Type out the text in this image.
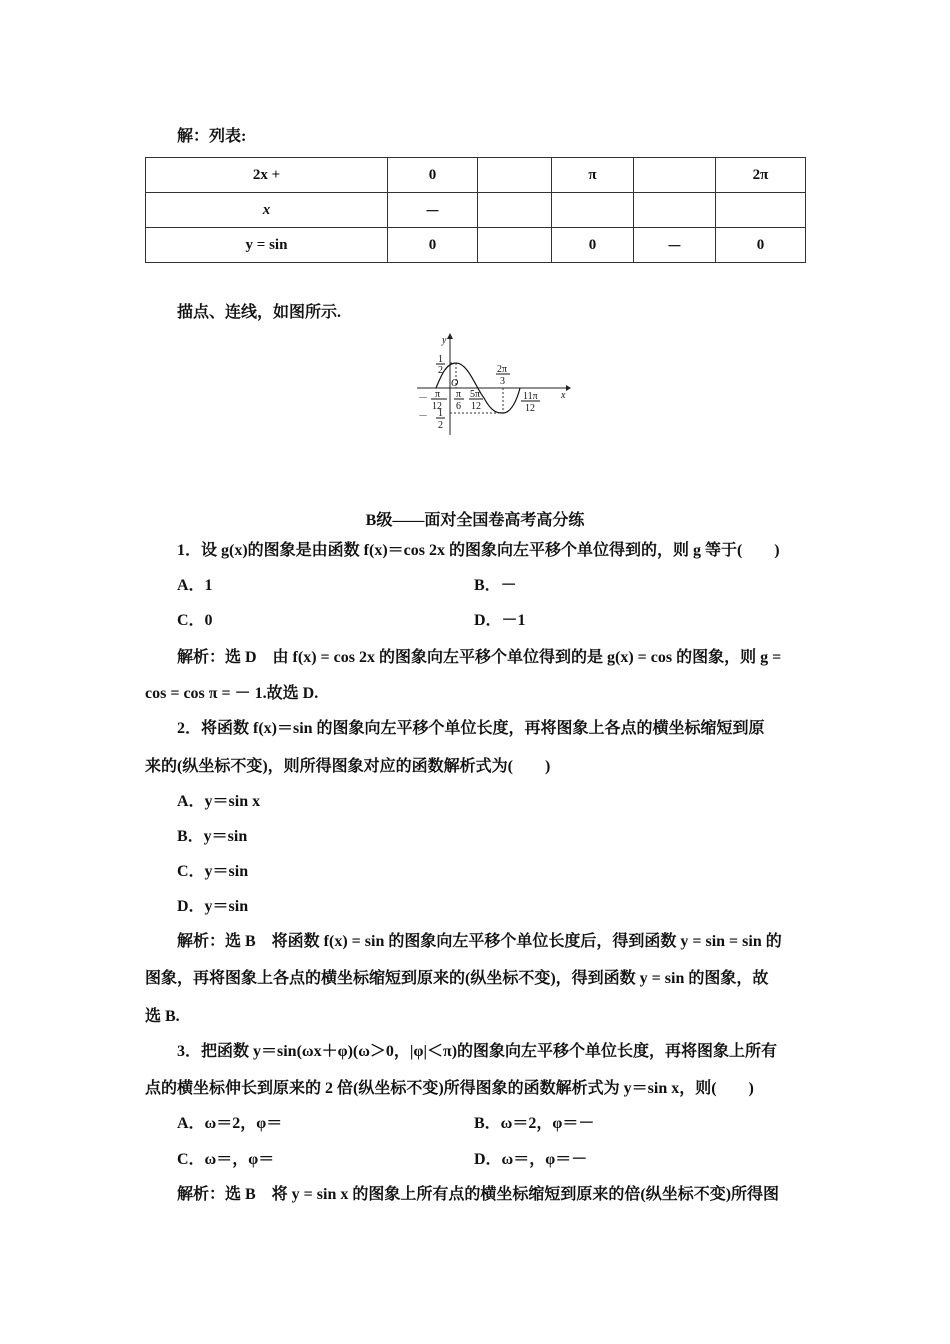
解：列表:
2x +	0		π		2π
x	－				
y = sin	0		0	－	0
描点、连线，如图所示.
y
x
O
1
2
－ 1
2
－ π
12
π
6
5π
12
2π
3
11π
12
B级——面对全国卷高考高分练
1．设 g(x)的图象是由函数 f(x)＝cos 2x 的图象向左平移个单位得到的，则 g 等于(　　)
A．1	B．－
C．0	D．－1
解析：选 D　由 f(x) = cos 2x 的图象向左平移个单位得到的是 g(x) = cos 的图象，则 g =
cos = cos π = － 1.故选 D.
2．将函数 f(x)＝sin 的图象向左平移个单位长度，再将图象上各点的横坐标缩短到原
来的(纵坐标不变)，则所得图象对应的函数解析式为(　　)
A．y＝sin x
B．y＝sin
C．y＝sin
D．y＝sin
解析：选 B　将函数 f(x) = sin 的图象向左平移个单位长度后，得到函数 y = sin = sin 的
图象，再将图象上各点的横坐标缩短到原来的(纵坐标不变)，得到函数 y = sin 的图象，故
选 B.
3．把函数 y＝sin(ωx＋φ)(ω＞0，|φ|＜π)的图象向左平移个单位长度，再将图象上所有
点的横坐标伸长到原来的 2 倍(纵坐标不变)所得图象的函数解析式为 y＝sin x，则(　　)
A．ω＝2，φ＝	B．ω＝2，φ＝－
C．ω＝，φ＝	D．ω＝，φ＝－
解析：选 B　将 y = sin x 的图象上所有点的横坐标缩短到原来的倍(纵坐标不变)所得图
